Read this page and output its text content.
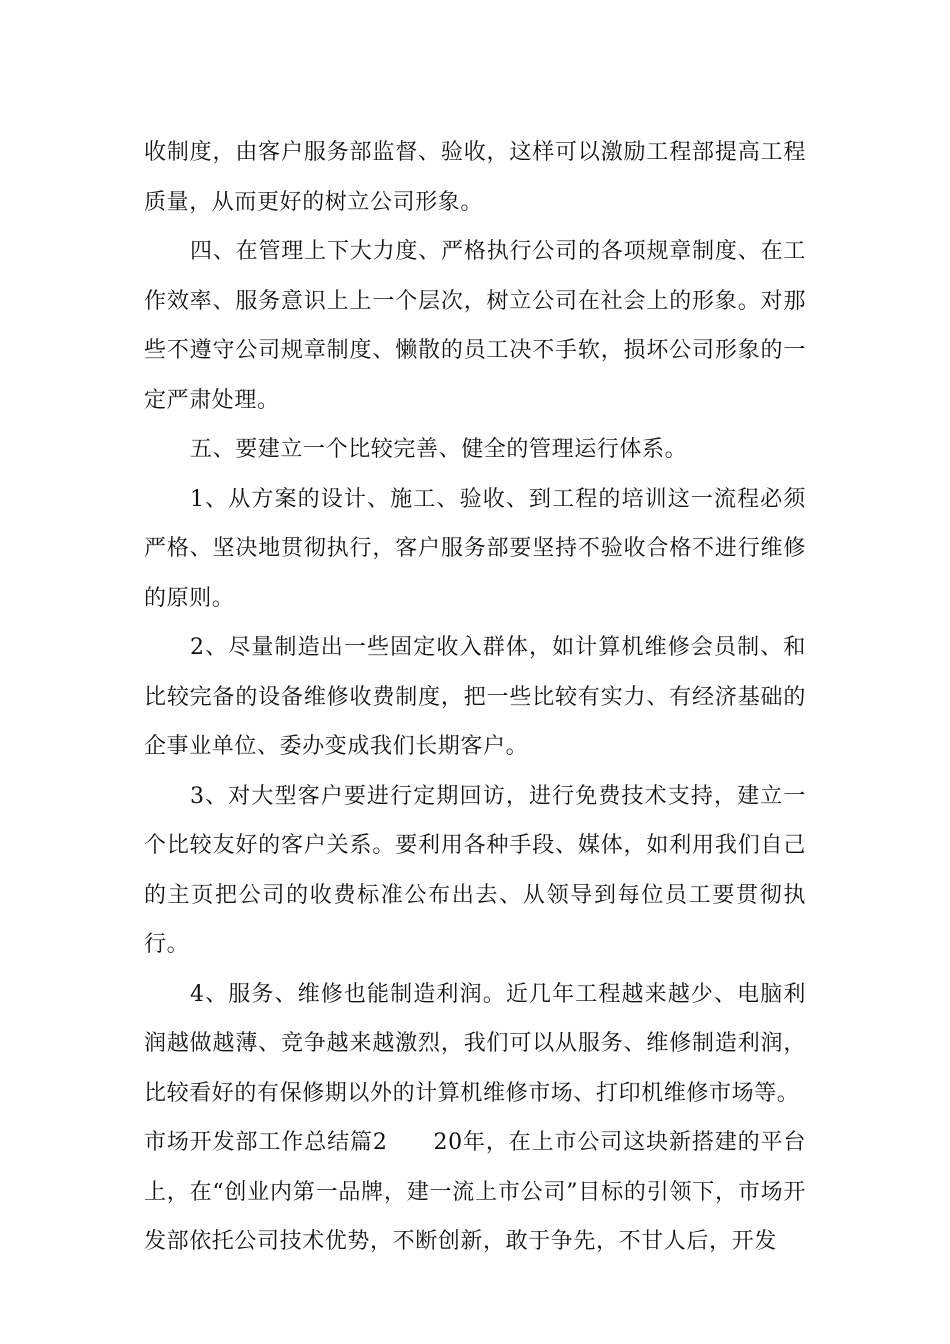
收制度，由客户服务部监督、验收，这样可以激励工程部提高工程质量，从而更好的树立公司形象。

四、在管理上下大力度、严格执行公司的各项规章制度、在工作效率、服务意识上上一个层次，树立公司在社会上的形象。对那些不遵守公司规章制度、懒散的员工决不手软，损坏公司形象的一定严肃处理。

五、要建立一个比较完善、健全的管理运行体系。

1、从方案的设计、施工、验收、到工程的培训这一流程必须严格、坚决地贯彻执行，客户服务部要坚持不验收合格不进行维修的原则。

2、尽量制造出一些固定收入群体，如计算机维修会员制、和比较完备的设备维修收费制度，把一些比较有实力、有经济基础的企事业单位、委办变成我们长期客户。

3、对大型客户要进行定期回访，进行免费技术支持，建立一个比较友好的客户关系。要利用各种手段、媒体，如利用我们自己的主页把公司的收费标准公布出去、从领导到每位员工要贯彻执行。

4、服务、维修也能制造利润。近几年工程越来越少、电脑利润越做越薄、竞争越来越激烈，我们可以从服务、维修制造利润，比较看好的有保修期以外的计算机维修市场、打印机维修市场等。

市场开发部工作总结篇2　　 20年，在上市公司这块新搭建的平台上，在“创业内第一品牌，建一流上市公司”目标的引领下，市场开发部依托公司技术优势，不断创新，敢于争先，不甘人后，开发
